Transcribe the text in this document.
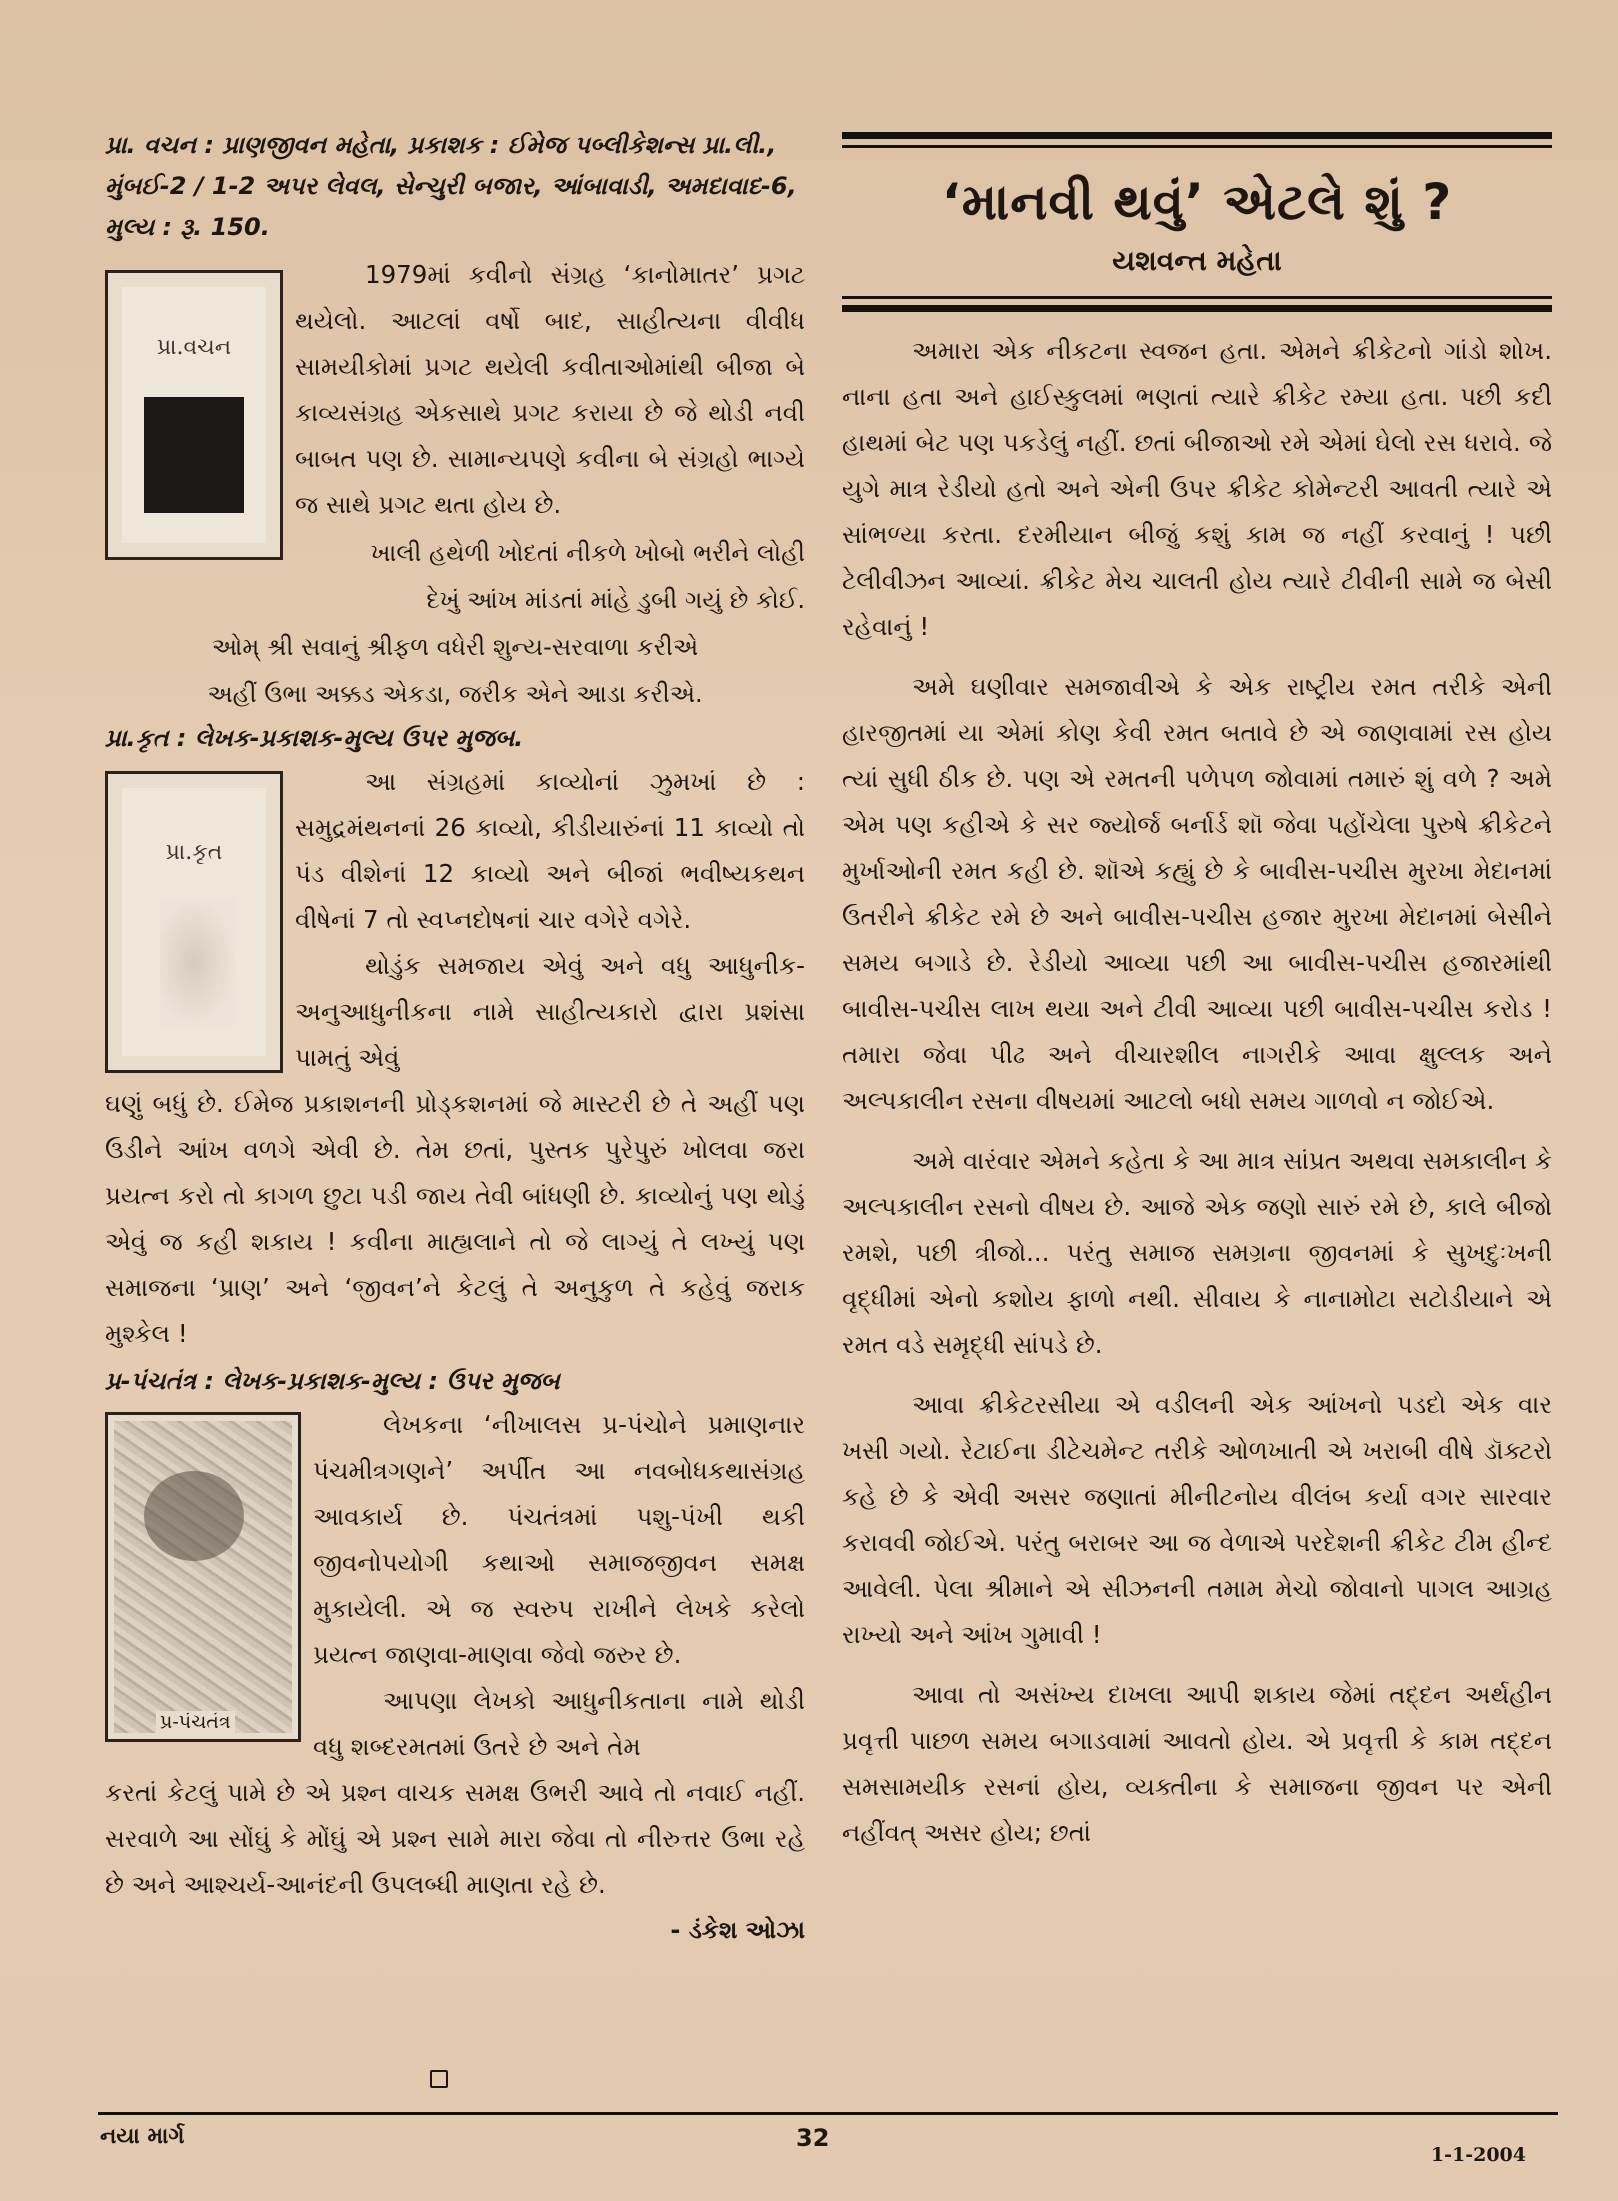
પ્રા. વચન : પ્રાણજીવન મહેતા, પ્રકાશક : ઈમેજ પબ્લીકેશન્સ પ્રા.લી., મુંબઈ-2 / 1-2 અપર લેવલ, સેન્ચુરી બજાર, આંબાવાડી, અમદાવાદ-6, મુલ્ય : રૂ. 150.

પ્રા.વચન

1979માં કવીનો સંગ્રહ ‘કાનોમાતર’ પ્રગટ થયેલો. આટલાં વર્ષો બાદ, સાહીત્યના વીવીધ સામયીકોમાં પ્રગટ થયેલી કવીતાઓમાંથી બીજા બે કાવ્યસંગ્રહ એકસાથે પ્રગટ કરાયા છે જે થોડી નવી બાબત પણ છે. સામાન્યપણે કવીના બે સંગ્રહો ભાગ્યે જ સાથે પ્રગટ થતા હોય છે.

ખાલી હથેળી ખોદતાં નીકળે ખોબો ભરીને લોહી

દેખું આંખ માંડતાં માંહે ડુબી ગયું છે કોઈ.

ઓમ્ શ્રી સવાનું શ્રીફળ વધેરી શુન્ય-સરવાળા કરીએ

અહીં ઉભા અક્કડ એકડા, જરીક એને આડા કરીએ.

પ્રા.કૃત : લેખક-પ્રકાશક-મુલ્ય ઉપર મુજબ.

પ્રા.કૃત

આ સંગ્રહમાં કાવ્યોનાં ઝુમખાં છે : સમુદ્રમંથનનાં 26 કાવ્યો, કીડીયારુંનાં 11 કાવ્યો તો પંડ વીશેનાં 12 કાવ્યો અને બીજાં ભવીષ્યકથન વીષેનાં 7 તો સ્વપ્નદોષનાં ચાર વગેરે વગેરે.

થોડુંક સમજાય એવું અને વધુ આધુનીક-અનુઆધુનીકના નામે સાહીત્યકારો દ્વારા પ્રશંસા પામતું એવું

ઘણું બધું છે. ઈમેજ પ્રકાશનની પ્રોડ્કશનમાં જે માસ્ટરી છે તે અહીં પણ ઉડીને આંખ વળગે એવી છે. તેમ છતાં, પુસ્તક પુરેપુરું ખોલવા જરા પ્રયત્ન કરો તો કાગળ છુટા પડી જાય તેવી બાંધણી છે. કાવ્યોનું પણ થોડું એવું જ કહી શકાય ! કવીના માહ્યલાને તો જે લાગ્યું તે લખ્યું પણ સમાજના ‘પ્રાણ’ અને ‘જીવન’ને કેટલું તે અનુકુળ તે કહેવું જરાક મુશ્કેલ !

પ્ર-પંચતંત્ર : લેખક-પ્રકાશક-મુલ્ય : ઉપર મુજબ

પ્ર-પંચતંત્ર

લેખકના ‘નીખાલસ પ્ર-પંચોને પ્રમાણનાર પંચમીત્રગણને’ અર્પીત આ નવબોધકથાસંગ્રહ આવકાર્ય છે. પંચતંત્રમાં પશુ-પંખી થકી જીવનોપયોગી કથાઓ સમાજજીવન સમક્ષ મુકાયેલી. એ જ સ્વરુપ રાખીને લેખકે કરેલો પ્રયત્ન જાણવા-માણવા જેવો જરુર છે.

આપણા લેખકો આધુનીકતાના નામે થોડી વધુ શબ્દરમતમાં ઉતરે છે અને તેમ

કરતાં કેટલું પામે છે એ પ્રશ્ન વાચક સમક્ષ ઉભરી આવે તો નવાઈ નહીં. સરવાળે આ સોંઘું કે મોંઘું એ પ્રશ્ન સામે મારા જેવા તો નીરુત્તર ઉભા રહે છે અને આશ્ચર્ય-આનંદની ઉપલબ્ધી માણતા રહે છે.

- ડંકેશ ઓઝા

‘માનવી થવું’ એટલે શું ?
યશવન્ત મહેતા

અમારા એક નીકટના સ્વજન હતા. એમને ક્રીકેટનો ગાંડો શોખ. નાના હતા અને હાઈસ્કુલમાં ભણતાં ત્યારે ક્રીકેટ રમ્યા હતા. પછી કદી હાથમાં બેટ પણ પકડેલું નહીં. છતાં બીજાઓ રમે એમાં ઘેલો રસ ધરાવે. જે યુગે માત્ર રેડીયો હતો અને એની ઉપર ક્રીકેટ કોમેન્ટરી આવતી ત્યારે એ સાંભળ્યા કરતા. દરમીયાન બીજું કશું કામ જ નહીં કરવાનું ! પછી ટેલીવીઝન આવ્યાં. ક્રીકેટ મેચ ચાલતી હોય ત્યારે ટીવીની સામે જ બેસી રહેવાનું !

અમે ઘણીવાર સમજાવીએ કે એક રાષ્ટ્રીય રમત તરીકે એની હારજીતમાં યા એમાં કોણ કેવી રમત બતાવે છે એ જાણવામાં રસ હોય ત્યાં સુધી ઠીક છે. પણ એ રમતની પળેપળ જોવામાં તમારું શું વળે ? અમે એમ પણ કહીએ કે સર જ્યોર્જ બર્નાર્ડ શૉ જેવા પહોંચેલા પુરુષે ક્રીકેટને મુર્ખાઓની રમત કહી છે. શૉએ કહ્યું છે કે બાવીસ-પચીસ મુરખા મેદાનમાં ઉતરીને ક્રીકેટ રમે છે અને બાવીસ-પચીસ હજાર મુરખા મેદાનમાં બેસીને સમય બગાડે છે. રેડીયો આવ્યા પછી આ બાવીસ-પચીસ હજારમાંથી બાવીસ-પચીસ લાખ થયા અને ટીવી આવ્યા પછી બાવીસ-પચીસ કરોડ ! તમારા જેવા પીઢ અને વીચારશીલ નાગરીકે આવા ક્ષુલ્લક અને અલ્પકાલીન રસના વીષયમાં આટલો બધો સમય ગાળવો ન જોઈએ.

અમે વારંવાર એમને કહેતા કે આ માત્ર સાંપ્રત અથવા સમકાલીન કે અલ્પકાલીન રસનો વીષય છે. આજે એક જણો સારું રમે છે, કાલે બીજો રમશે, પછી ત્રીજો... પરંતુ સમાજ સમગ્રના જીવનમાં કે સુખદુઃખની વૃદ્ધીમાં એનો કશોય ફાળો નથી. સીવાય કે નાનામોટા સટોડીયાને એ રમત વડે સમૃદ્ધી સાંપડે છે.

આવા ક્રીકેટરસીયા એ વડીલની એક આંખનો પડદો એક વાર ખસી ગયો. રેટાઈના ડીટેચમેન્ટ તરીકે ઓળખાતી એ ખરાબી વીષે ડૉક્ટરો કહે છે કે એવી અસર જણાતાં મીનીટનોય વીલંબ કર્યા વગર સારવાર કરાવવી જોઈએ. પરંતુ બરાબર આ જ વેળાએ પરદેશની ક્રીકેટ ટીમ હીન્દ આવેલી. પેલા શ્રીમાને એ સીઝનની તમામ મેચો જોવાનો પાગલ આગ્રહ રાખ્યો અને આંખ ગુમાવી !

આવા તો અસંખ્ય દાખલા આપી શકાય જેમાં તદ્દન અર્થહીન પ્રવૃત્તી પાછળ સમય બગાડવામાં આવતો હોય. એ પ્રવૃત્તી કે કામ તદ્દન સમસામયીક રસનાં હોય, વ્યક્તીના કે સમાજના જીવન પર એની નહીંવત્ અસર હોય; છતાં

નયા માર્ગ	32
1-1-2004
